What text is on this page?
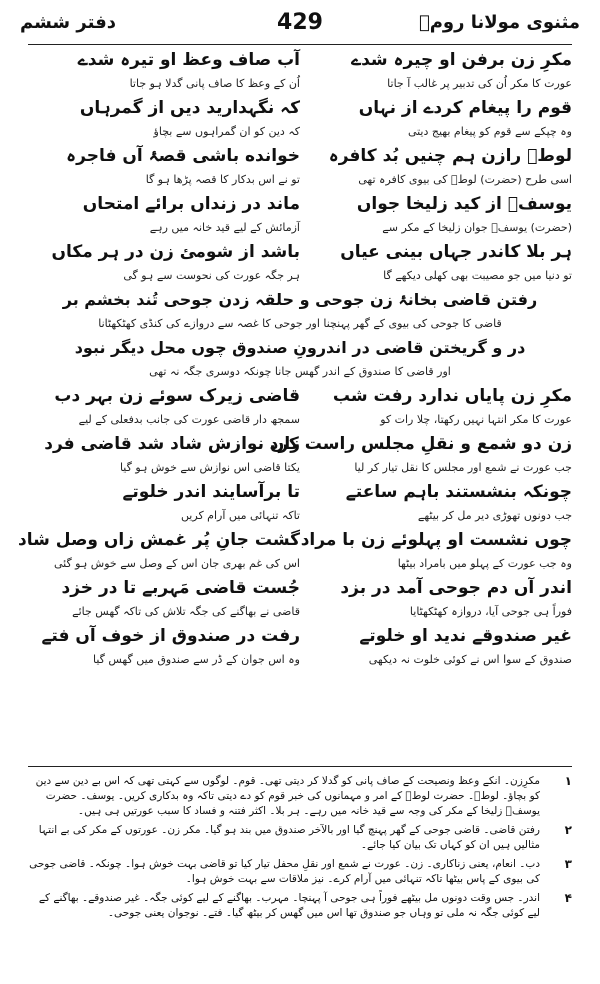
مثنوی مولانا رومؒ
429
دفتر ششم
مکرِ زن برفن او چیرہ شدے
آب صاف وعظ او تیرہ شدے
عورت کا مکر اُن کی تدبیر پر غالب آ جاتا
اُن کے وعظ کا صاف پانی گدلا ہو جاتا
قوم را پیغام کردے از نہاں
کہ نگہدارید دیں از گمرہاں
وہ چپکے سے قوم کو پیغام بھیج دیتی
کہ دین کو ان گمراہوں سے بچاؤ
لوطؑ رازن ہم چنیں بُد کافرہ
خوانده باشی قصۂ آں فاجرہ
اسی طرح (حضرت) لوطؑ کی بیوی کافرہ تھی
تو نے اس بدکار کا قصہ پڑھا ہو گا
یوسفؑ از کید زلیخا جواں
ماند در زنداں برائے امتحاں
(حضرت) یوسفؑ جوان زلیخا کے مکر سے
آزمائش کے لیے قید خانہ میں رہے
ہر بلا کاندر جہاں بینی عیاں
باشد از شومئ زن در ہر مکاں
تو دنیا میں جو مصیبت بھی کھلی دیکھے گا
ہر جگہ عورت کی نحوست سے ہو گی
رفتن قاضی بخانۂ زن جوحی و حلقہ زدن جوحی تُند بخشم بر
قاضی کا جوحی کی بیوی کے گھر پہنچنا اور جوحی کا غصہ سے دروازے کی کنڈی کھٹکھٹانا
در و گریختن قاضی در اندرونِ صندوق چوں محل دیگر نبود
اور قاضی کا صندوق کے اندر گھس جانا چونکہ دوسری جگہ نہ تھی
مکرِ زن پایاں ندارد رفت شب
قاضی زیرک سوئے زن بہر دب
عورت کا مکر انتہا نہیں رکھتا، چلا رات کو
سمجھ دار قاضی عورت کی جانب بدفعلی کے لیے
زن دو شمع و نقلِ مجلس راست کرد
زاں نوازش شاد شد قاضی فرد
جب عورت نے شمع اور مجلس کا نقل تیار کر لیا
یکتا قاضی اس نوازش سے خوش ہو گیا
چونکہ بنشستند باہم ساعتے
تا برآسایند اندر خلوتے
جب دونوں تھوڑی دیر مل کر بیٹھے
تاکہ تنہائی میں آرام کریں
چوں نشست او پہلوئے زن با مراد
گشت جانِ پُر غمش زاں وصل شاد
وہ جب عورت کے پہلو میں بامراد بیٹھا
اس کی غم بھری جان اس کے وصل سے خوش ہو گئی
اندر آں دم جوحی آمد در بزد
جُست قاضی مَہربے تا در خزد
فوراً ہی جوحی آیا، دروازہ کھٹکھٹایا
قاضی نے بھاگنے کی جگہ تلاش کی تاکہ گھس جائے
غیر صندوقے ندید او خلوتے
رفت در صندوق از خوف آں فتے
صندوق کے سوا اس نے کوئی خلوت نہ دیکھی
وہ اس جوان کے ڈر سے صندوق میں گھس گیا
۱
مکرِزن۔ انکے وعظ ونصیحت کے صاف پانی کو گدلا کر دیتی تھی۔ قوم۔ لوگوں سے کہتی تھی کہ اس بے دین سے دین کو بچاؤ۔ لوطؑ۔ حضرت لوطؑ کے امر و مہمانوں کی خبر قوم کو دے دیتی تاکہ وہ بدکاری کریں۔ یوسف۔ حضرت یوسفؑ زلیخا کے مکر کی وجہ سے قید خانہ میں رہے۔ ہر بلا۔ اکثر فتنہ و فساد کا سبب عورتیں ہی ہیں۔
۲
رفتن قاضی۔ قاضی جوحی کے گھر پہنچ گیا اور بالآخر صندوق میں بند ہو گیا۔ مکر زن۔ عورتوں کے مکر کی بے انتہا مثالیں ہیں ان کو کہاں تک بیان کیا جائے۔
۳
دب۔ انعام، یعنی زناکاری۔ زن۔ عورت نے شمع اور نقلِ محفل تیار کیا تو قاضی بہت خوش ہوا۔ چونکہ۔ قاضی جوحی کی بیوی کے پاس بیٹھا تاکہ تنہائی میں آرام کرے۔ نیز ملاقات سے بہت خوش ہوا۔
۴
اندر۔ جس وقت دونوں مل بیٹھے فوراً ہی جوحی آ پہنچا۔ مہرب۔ بھاگنے کے لیے کوئی جگہ۔ غیر صندوقے۔ بھاگنے کے لیے کوئی جگہ نہ ملی تو وہاں جو صندوق تھا اس میں گھس کر بیٹھ گیا۔ فتے۔ نوجوان یعنی جوحی۔
